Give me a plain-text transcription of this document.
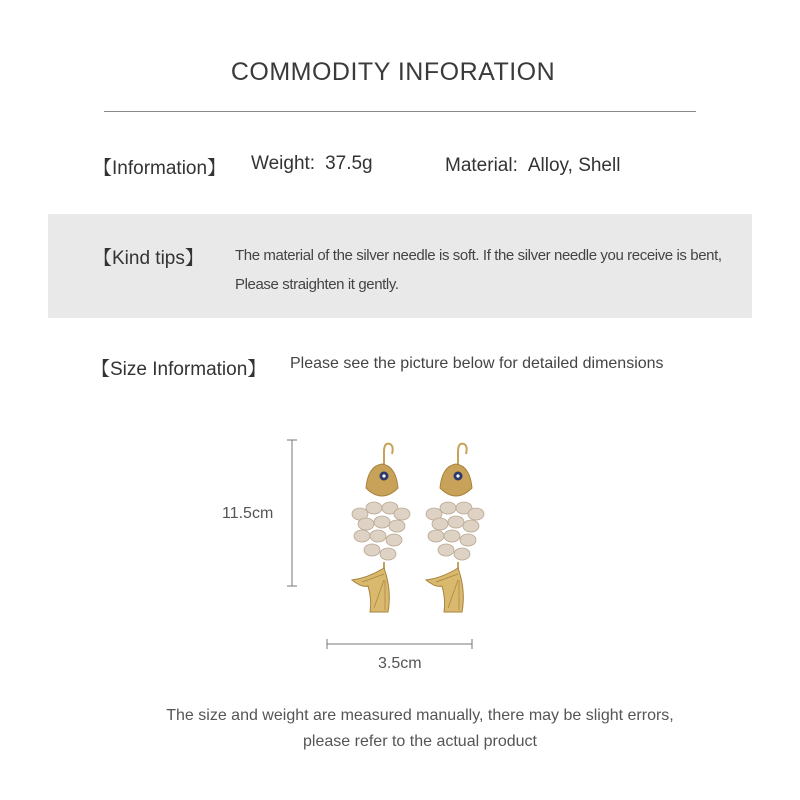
COMMODITY INFORATION
【Information】 Weight: 37.5g	Material: Alloy, Shell
【Kind tips】 The material of the silver needle is soft. If the silver needle you receive is bent,
Please straighten it gently.
【Size Information】 Please see the picture below for detailed dimensions
11.5cm
3.5cm
The size and weight are measured manually, there may be slight errors,
please refer to the actual product
